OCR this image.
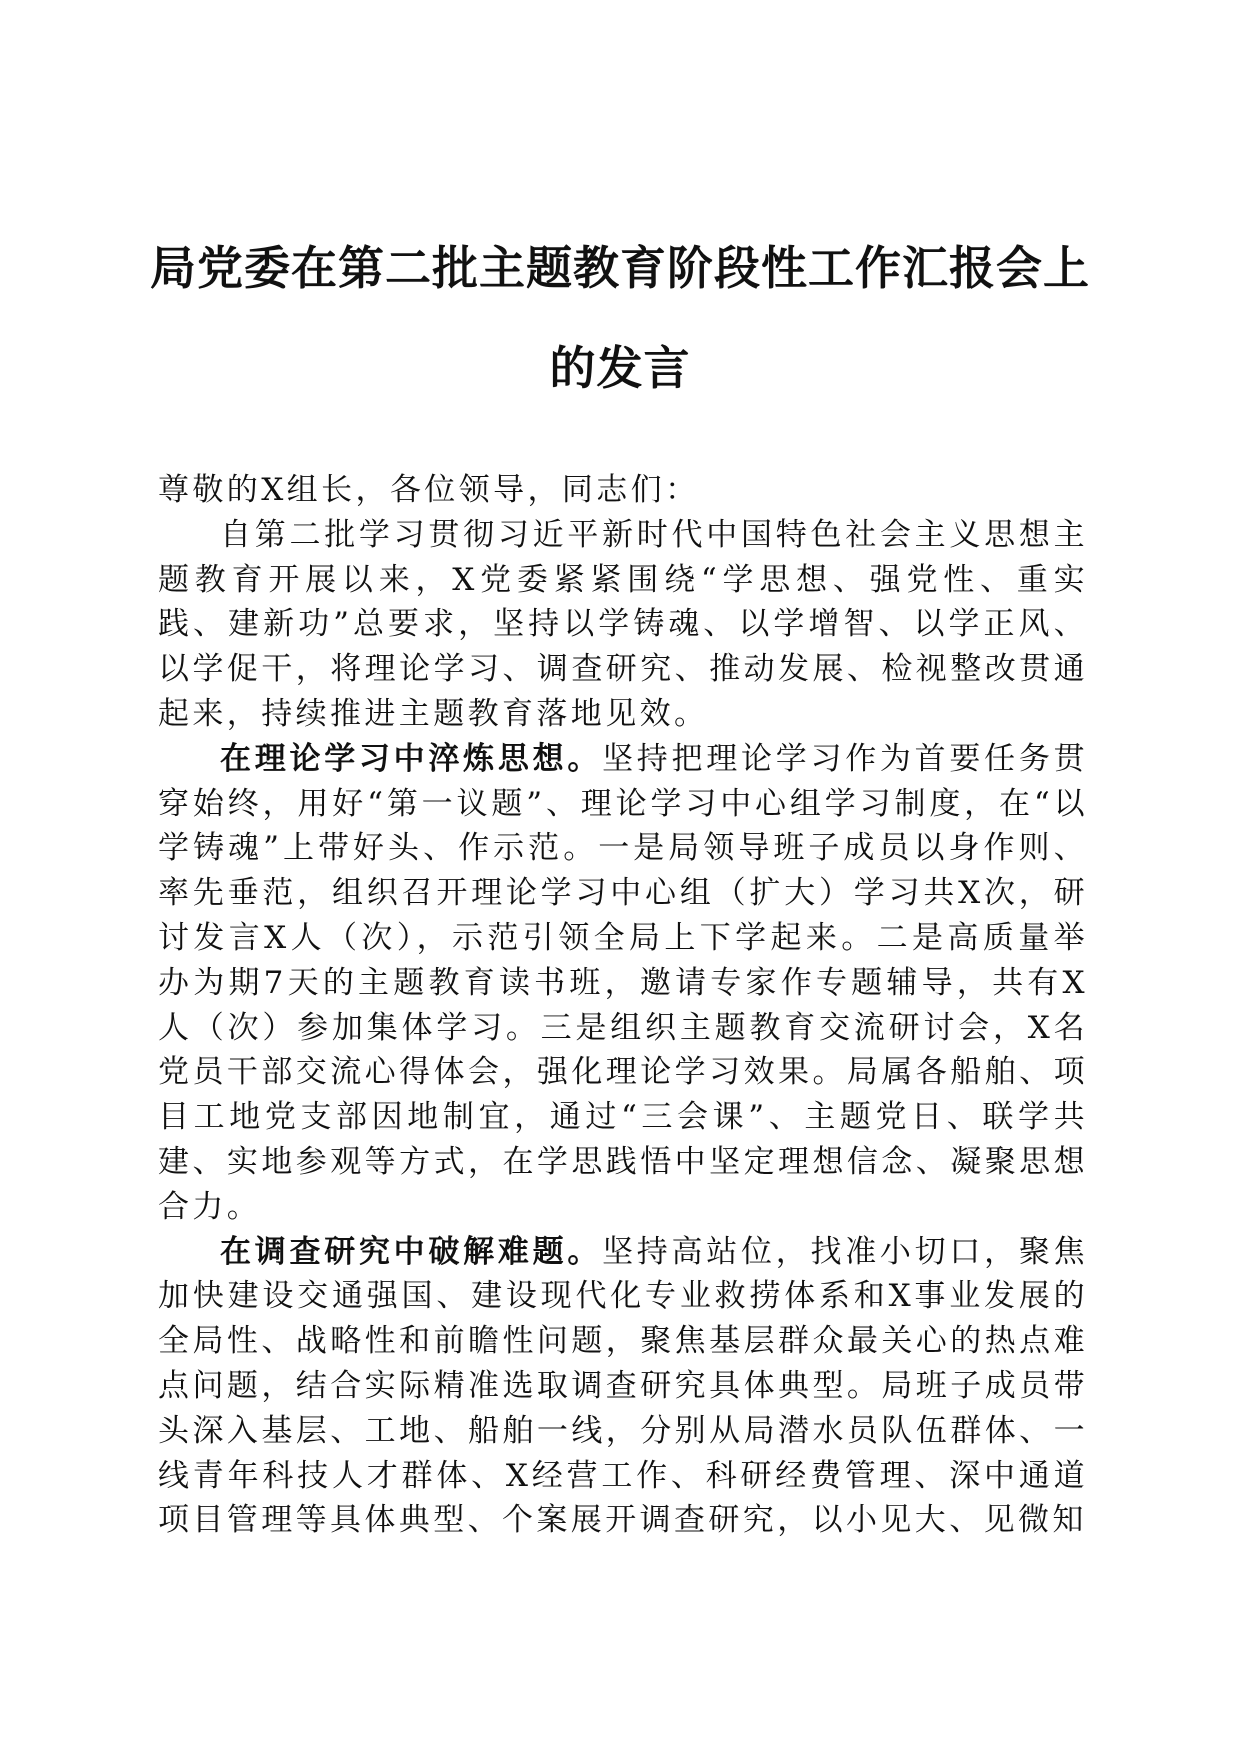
局党委在第二批主题教育阶段性工作汇报会上
的发言

尊敬的X组长，各位领导，同志们：

自第二批学习贯彻习近平新时代中国特色社会主义思想主题教育开展以来，X党委紧紧围绕“学思想、强党性、重实践、建新功”总要求，坚持以学铸魂、以学增智、以学正风、以学促干，将理论学习、调查研究、推动发展、检视整改贯通起来，持续推进主题教育落地见效。

在理论学习中淬炼思想。坚持把理论学习作为首要任务贯穿始终，用好“第一议题”、理论学习中心组学习制度，在“以学铸魂”上带好头、作示范。一是局领导班子成员以身作则、率先垂范，组织召开理论学习中心组（扩大）学习共X次，研讨发言X人（次），示范引领全局上下学起来。二是高质量举办为期7天的主题教育读书班，邀请专家作专题辅导，共有X人（次）参加集体学习。三是组织主题教育交流研讨会，X名党员干部交流心得体会，强化理论学习效果。局属各船舶、项目工地党支部因地制宜，通过“三会课”、主题党日、联学共建、实地参观等方式，在学思践悟中坚定理想信念、凝聚思想合力。

在调查研究中破解难题。坚持高站位，找准小切口，聚焦加快建设交通强国、建设现代化专业救捞体系和X事业发展的全局性、战略性和前瞻性问题，聚焦基层群众最关心的热点难点问题，结合实际精准选取调查研究具体典型。局班子成员带头深入基层、工地、船舶一线，分别从局潜水员队伍群体、一线青年科技人才群体、X经营工作、科研经费管理、深中通道项目管理等具体典型、个案展开调查研究，以小见大、见微知
